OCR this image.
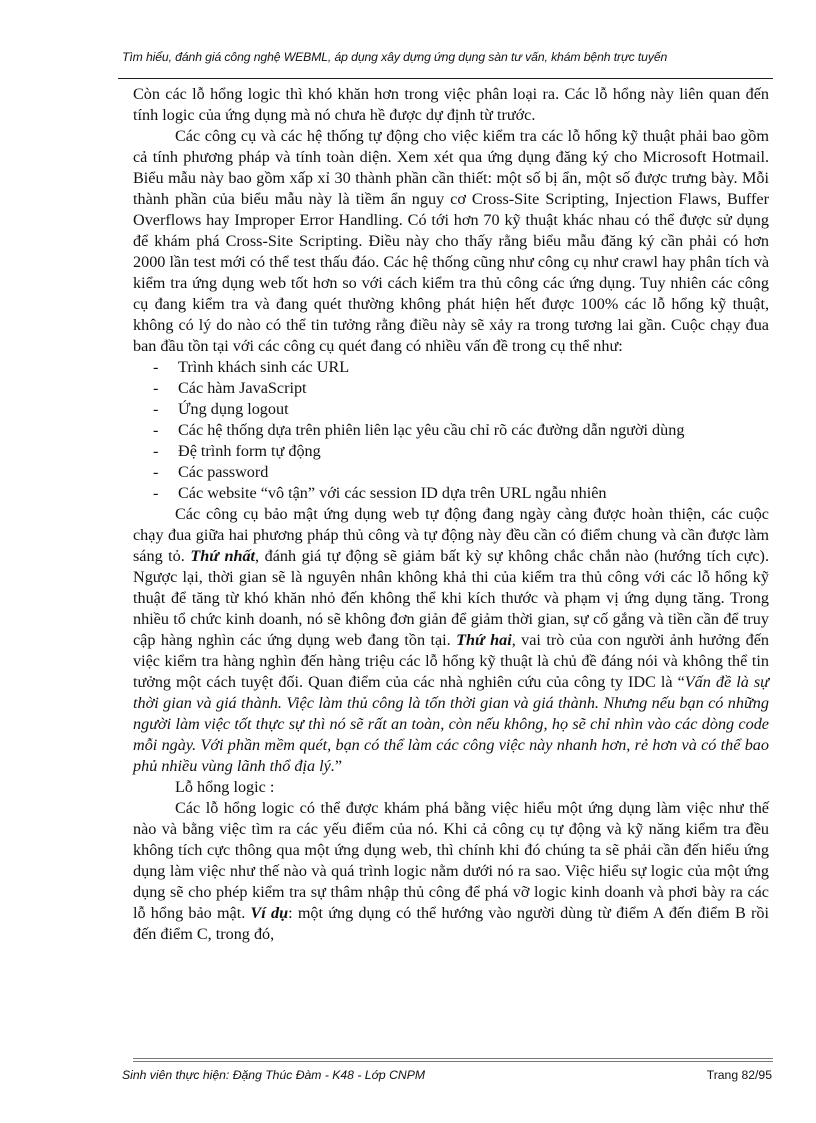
Tìm hiểu, đánh giá công nghệ WEBML, áp dụng xây dựng ứng dụng sàn tư vấn, khám bệnh trực tuyến

Còn các lỗ hổng logic thì khó khăn hơn trong việc phân loại ra. Các lỗ hổng này liên quan đến tính logic của ứng dụng mà nó chưa hề được dự định từ trước.

Các công cụ và các hệ thống tự động cho việc kiểm tra các lỗ hổng kỹ thuật phải bao gồm cả tính phương pháp và tính toàn diện. Xem xét qua ứng dụng đăng ký cho Microsoft Hotmail. Biểu mẫu này bao gồm xấp xỉ 30 thành phần cần thiết: một số bị ẩn, một số được trưng bày. Mỗi thành phần của biểu mẫu này là tiềm ẩn nguy cơ Cross-Site Scripting, Injection Flaws, Buffer Overflows hay Improper Error Handling. Có tới hơn 70 kỹ thuật khác nhau có thể được sử dụng để khám phá Cross-Site Scripting. Điều này cho thấy rằng biểu mẫu đăng ký cần phải có hơn 2000 lần test mới có thể test thấu đáo. Các hệ thống cũng như công cụ như crawl hay phân tích và kiểm tra ứng dụng web tốt hơn so với cách kiểm tra thủ công các ứng dụng. Tuy nhiên các công cụ đang kiểm tra và đang quét thường không phát hiện hết được 100% các lỗ hổng kỹ thuật, không có lý do nào có thể tin tưởng rằng điều này sẽ xảy ra trong tương lai gần. Cuộc chạy đua ban đầu tồn tại với các công cụ quét đang có nhiều vấn đề trong cụ thể như:

- Trình khách sinh các URL
- Các hàm JavaScript
- Ứng dụng logout
- Các hệ thống dựa trên phiên liên lạc yêu cầu chỉ rõ các đường dẫn người dùng
- Đệ trình form tự động
- Các password
- Các website “vô tận” với các session ID dựa trên URL ngẫu nhiên

Các công cụ bảo mật ứng dụng web tự động đang ngày càng được hoàn thiện, các cuộc chạy đua giữa hai phương pháp thủ công và tự động này đều cần có điểm chung và cần được làm sáng tỏ. Thứ nhất, đánh giá tự động sẽ giảm bất kỳ sự không chắc chắn nào (hướng tích cực). Ngược lại, thời gian sẽ là nguyên nhân không khả thi của kiểm tra thủ công với các lỗ hổng kỹ thuật để tăng từ khó khăn nhỏ đến không thể khi kích thước và phạm vị ứng dụng tăng. Trong nhiều tổ chức kinh doanh, nó sẽ không đơn giản để giảm thời gian, sự cố gắng và tiền cần để truy cập hàng nghìn các ứng dụng web đang tồn tại. Thứ hai, vai trò của con người ảnh hưởng đến việc kiểm tra hàng nghìn đến hàng triệu các lỗ hổng kỹ thuật là chủ đề đáng nói và không thể tin tưởng một cách tuyệt đối. Quan điểm của các nhà nghiên cứu của công ty IDC là “Vấn đề là sự thời gian và giá thành. Việc làm thủ công là tốn thời gian và giá thành. Nhưng nếu bạn có những người làm việc tốt thực sự thì nó sẽ rất an toàn, còn nếu không, họ sẽ chỉ nhìn vào các dòng code mỗi ngày. Với phần mềm quét, bạn có thể làm các công việc này nhanh hơn, rẻ hơn và có thể bao phủ nhiều vùng lãnh thổ địa lý.”

Lỗ hổng logic :

Các lỗ hổng logic có thể được khám phá bằng việc hiểu một ứng dụng làm việc như thế nào và bằng việc tìm ra các yếu điểm của nó. Khi cả công cụ tự động và kỹ năng kiểm tra đều không tích cực thông qua một ứng dụng web, thì chính khi đó chúng ta sẽ phải cần đến hiểu ứng dụng làm việc như thế nào và quá trình logic nằm dưới nó ra sao. Việc hiểu sự logic của một ứng dụng sẽ cho phép kiểm tra sự thâm nhập thủ công để phá vỡ logic kinh doanh và phơi bày ra các lỗ hổng bảo mật. Ví dụ: một ứng dụng có thể hướng vào người dùng từ điểm A đến điểm B rồi đến điểm C, trong đó,

Sinh viên thực hiện: Đặng Thúc Đàm - K48 - Lớp CNPM	Trang 82/95
